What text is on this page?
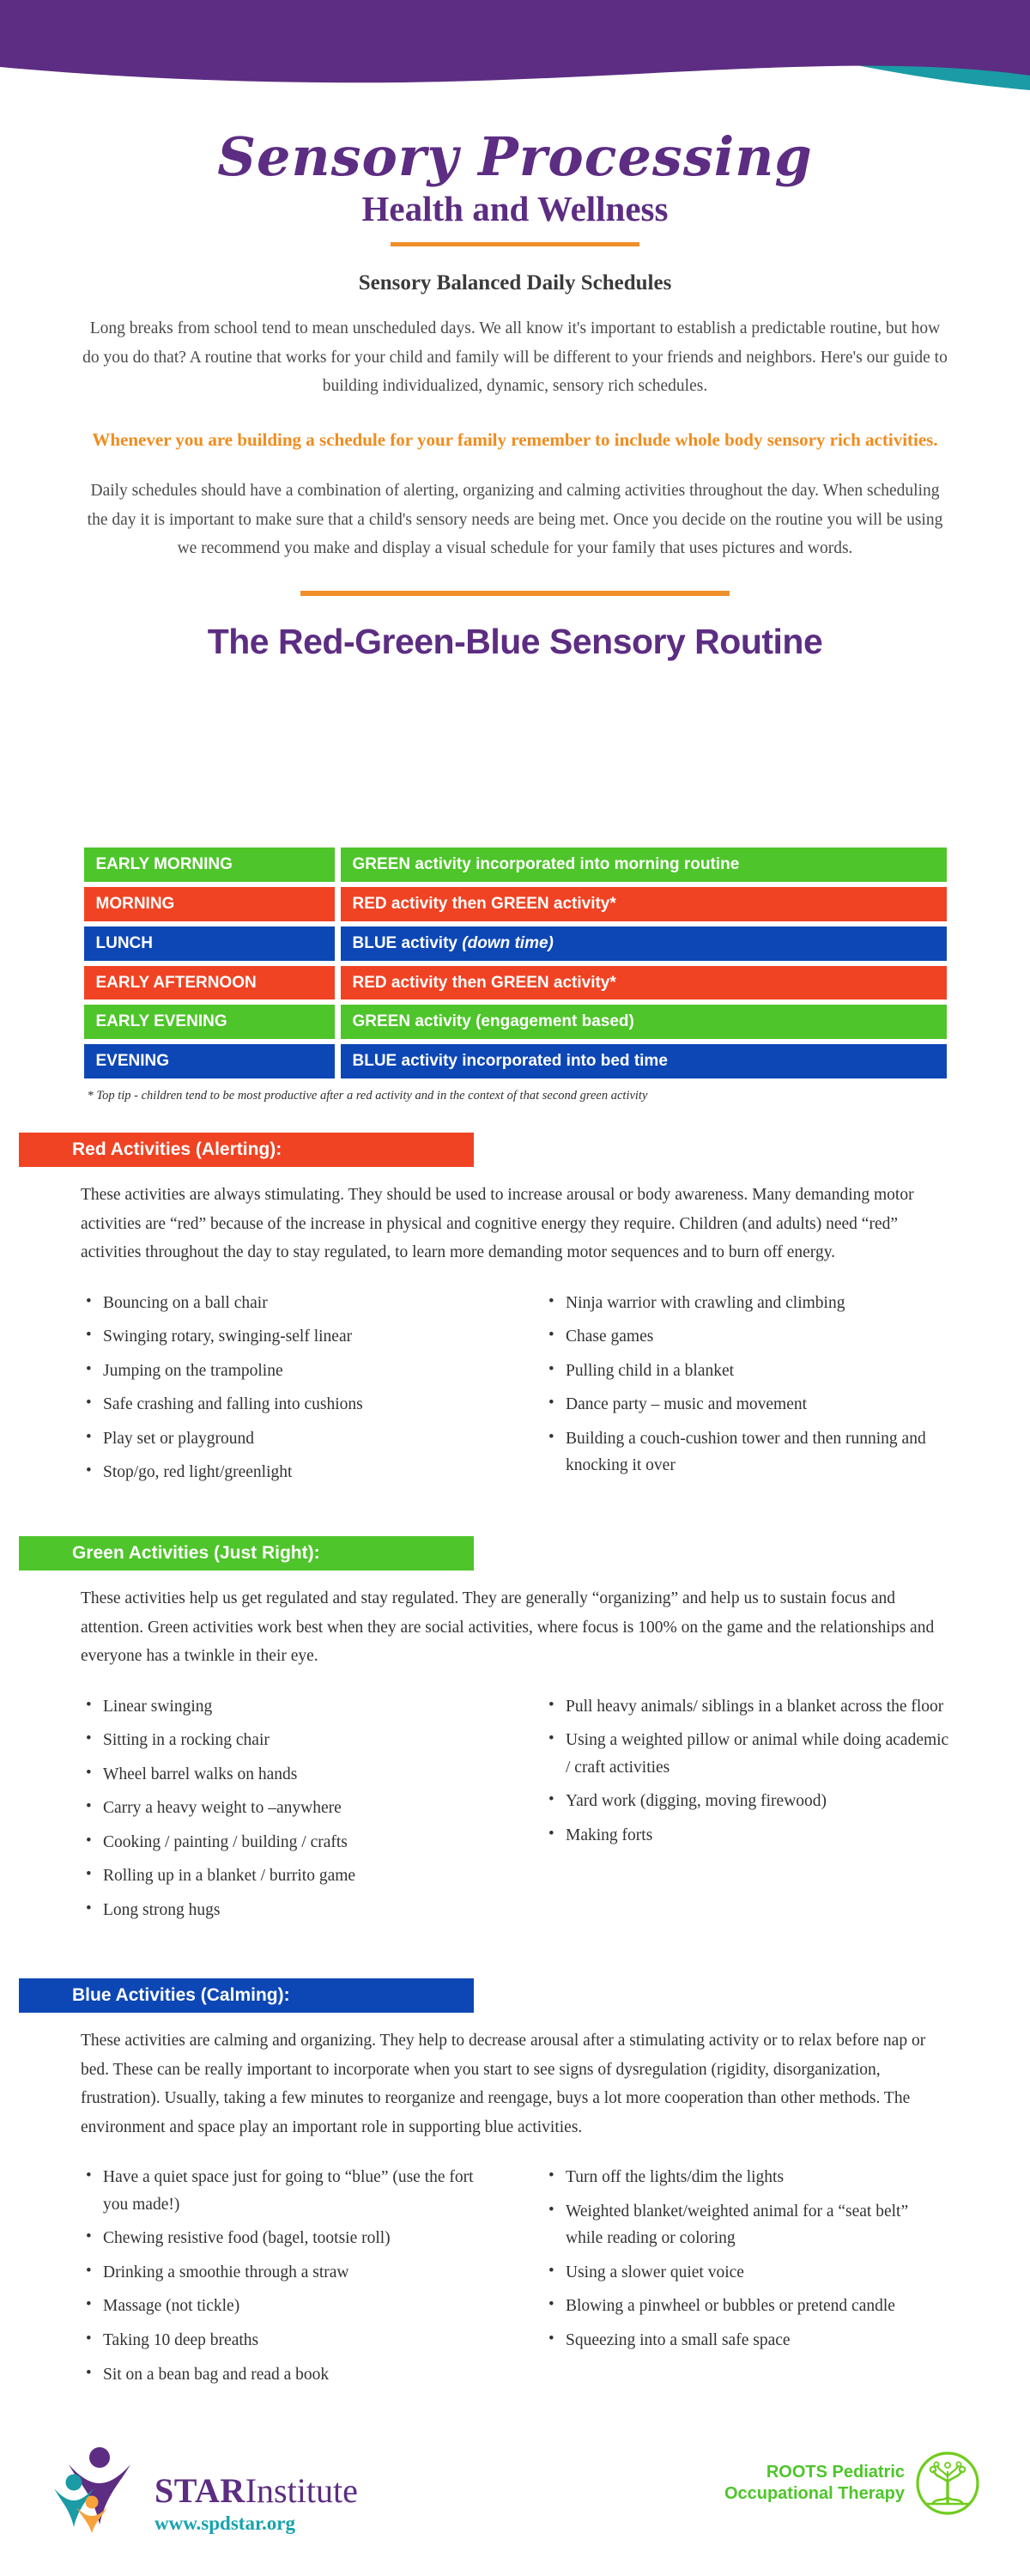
Sensory Processing
Health and Wellness
Sensory Balanced Daily Schedules
Long breaks from school tend to mean unscheduled days. We all know it's important to establish a predictable routine, but how do you do that? A routine that works for your child and family will be different to your friends and neighbors. Here's our guide to building individualized, dynamic, sensory rich schedules.
Whenever you are building a schedule for your family remember to include whole body sensory rich activities.
Daily schedules should have a combination of alerting, organizing and calming activities throughout the day. When scheduling the day it is important to make sure that a child's sensory needs are being met. Once you decide on the routine you will be using we recommend you make and display a visual schedule for your family that uses pictures and words.
The Red-Green-Blue Sensory Routine
EARLY MORNING	GREEN activity incorporated into morning routine
MORNING	RED activity then GREEN activity*
LUNCH	BLUE activity (down time)
EARLY AFTERNOON	RED activity then GREEN activity*
EARLY EVENING	GREEN activity (engagement based)
EVENING	BLUE activity incorporated into bed time
* Top tip - children tend to be most productive after a red activity and in the context of that second green activity
Red Activities (Alerting):
These activities are always stimulating. They should be used to increase arousal or body awareness. Many demanding motor activities are “red” because of the increase in physical and cognitive energy they require. Children (and adults) need “red” activities throughout the day to stay regulated, to learn more demanding motor sequences and to burn off energy.
• Bouncing on a ball chair
• Swinging rotary, swinging-self linear
• Jumping on the trampoline
• Safe crashing and falling into cushions
• Play set or playground
• Stop/go, red light/greenlight
• Ninja warrior with crawling and climbing
• Chase games
• Pulling child in a blanket
• Dance party – music and movement
• Building a couch-cushion tower and then running and knocking it over
Green Activities (Just Right):
These activities help us get regulated and stay regulated. They are generally “organizing” and help us to sustain focus and attention. Green activities work best when they are social activities, where focus is 100% on the game and the relationships and everyone has a twinkle in their eye.
• Linear swinging
• Sitting in a rocking chair
• Wheel barrel walks on hands
• Carry a heavy weight to –anywhere
• Cooking / painting / building / crafts
• Rolling up in a blanket / burrito game
• Long strong hugs
• Pull heavy animals/ siblings in a blanket across the floor
• Using a weighted pillow or animal while doing academic / craft activities
• Yard work (digging, moving firewood)
• Making forts
Blue Activities (Calming):
These activities are calming and organizing. They help to decrease arousal after a stimulating activity or to relax before nap or bed. These can be really important to incorporate when you start to see signs of dysregulation (rigidity, disorganization, frustration). Usually, taking a few minutes to reorganize and reengage, buys a lot more cooperation than other methods. The environment and space play an important role in supporting blue activities.
• Have a quiet space just for going to “blue” (use the fort you made!)
• Chewing resistive food (bagel, tootsie roll)
• Drinking a smoothie through a straw
• Massage (not tickle)
• Taking 10 deep breaths
• Sit on a bean bag and read a book
• Turn off the lights/dim the lights
• Weighted blanket/weighted animal for a “seat belt” while reading or coloring
• Using a slower quiet voice
• Blowing a pinwheel or bubbles or pretend candle
• Squeezing into a small safe space
STARInstitute
www.spdstar.org
ROOTS Pediatric
Occupational Therapy
